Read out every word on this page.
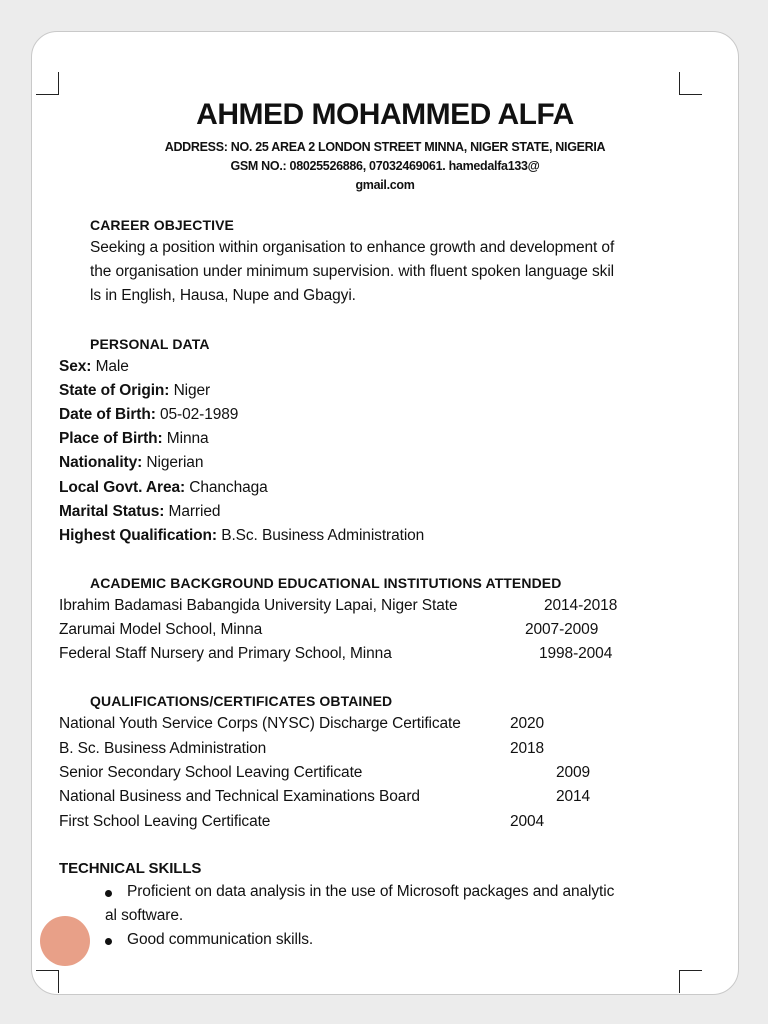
AHMED MOHAMMED ALFA
ADDRESS: NO. 25 AREA 2 LONDON STREET MINNA, NIGER STATE, NIGERIA
GSM NO.: 08025526886, 07032469061. hamedalfa133@
gmail.com
CAREER OBJECTIVE
Seeking a position within organisation to enhance growth and development of
the organisation under minimum supervision. with fluent spoken language skil
ls in English, Hausa, Nupe and Gbagyi.
PERSONAL DATA
Sex: Male
State of Origin: Niger
Date of Birth: 05-02-1989
Place of Birth: Minna
Nationality: Nigerian
Local Govt. Area: Chanchaga
Marital Status: Married
Highest Qualification: B.Sc. Business Administration
ACADEMIC BACKGROUND EDUCATIONAL INSTITUTIONS ATTENDED
Ibrahim Badamasi Babangida University Lapai, Niger State	2014-2018
Zarumai Model School, Minna	2007-2009
Federal Staff Nursery and Primary School, Minna	1998-2004
QUALIFICATIONS/CERTIFICATES OBTAINED
National Youth Service Corps (NYSC) Discharge Certificate	2020
B. Sc. Business Administration	2018
Senior Secondary School Leaving Certificate	2009
National Business and Technical Examinations Board	2014
First School Leaving Certificate	2004
TECHNICAL SKILLS
Proficient on data analysis in the use of Microsoft packages and analytic
al software.
Good communication skills.
